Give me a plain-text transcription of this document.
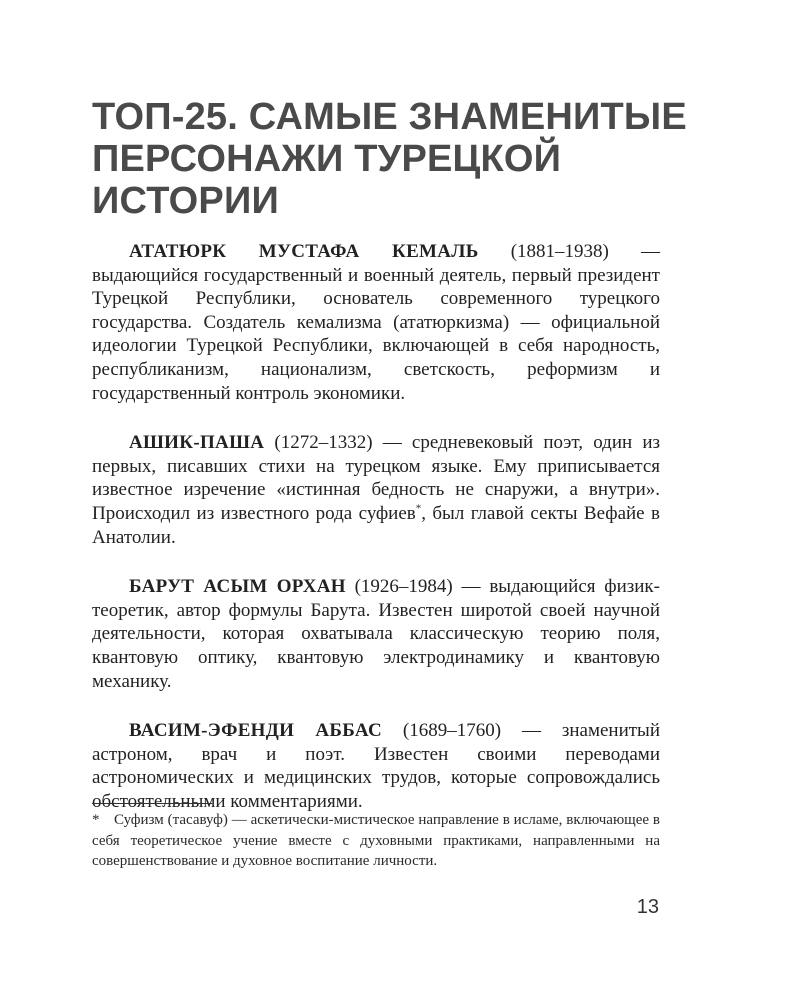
ТОП-25. САМЫЕ ЗНАМЕНИТЫЕ
ПЕРСОНАЖИ ТУРЕЦКОЙ
ИСТОРИИ

АТАТЮРК МУСТАФА КЕМАЛЬ (1881–1938) — выдающийся государственный и военный деятель, первый президент Турецкой Республики, основатель современного турецкого государства. Создатель кемализма (ататюркизма) — официальной идеологии Турецкой Республики, включающей в себя народность, республиканизм, национализм, светскость, реформизм и государственный контроль экономики.

АШИК-ПАША (1272–1332) — средневековый поэт, один из первых, писавших стихи на турецком языке. Ему приписывается известное изречение «истинная бедность не снаружи, а внутри». Происходил из известного рода суфиев*, был главой секты Вефайе в Анатолии.

БАРУТ АСЫМ ОРХАН (1926–1984) — выдающийся физик-теоретик, автор формулы Барута. Известен широтой своей научной деятельности, которая охватывала классическую теорию поля, квантовую оптику, квантовую электродинамику и квантовую механику.

ВАСИМ-ЭФЕНДИ АББАС (1689–1760) — знаменитый астроном, врач и поэт. Известен своими переводами астрономических и медицинских трудов, которые сопровождались обстоятельными комментариями.

* Суфизм (тасавуф) — аскетически-мистическое направление в исламе, включающее в себя теоретическое учение вместе с духовными практиками, направленными на совершенствование и духовное воспитание личности.

13
